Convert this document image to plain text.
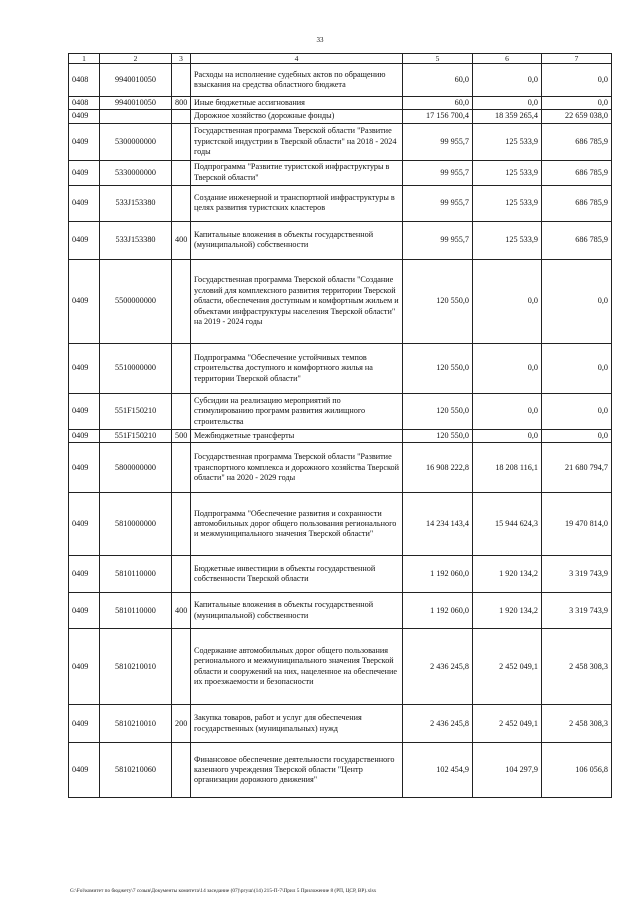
33
1	2	3	4	5	6	7
0408	9940010050		Расходы на исполнение судебных актов по обращению взыскания на средства областного бюджета	60,0	0,0	0,0
0408	9940010050	800	Иные бюджетные ассигнования	60,0	0,0	0,0
0409			Дорожное хозяйство (дорожные фонды)	17 156 700,4	18 359 265,4	22 659 038,0
0409	5300000000		Государственная программа Тверской области "Развитие туристской индустрии в Тверской области" на 2018 - 2024 годы	99 955,7	125 533,9	686 785,9
0409	5330000000		Подпрограмма "Развитие туристской инфраструктуры в Тверской области"	99 955,7	125 533,9	686 785,9
0409	533J153380		Создание инженерной и транспортной инфраструктуры в целях развития туристских кластеров	99 955,7	125 533,9	686 785,9
0409	533J153380	400	Капитальные вложения в объекты государственной (муниципальной) собственности	99 955,7	125 533,9	686 785,9
0409	5500000000		Государственная программа Тверской области "Создание условий для комплексного развития территории Тверской области, обеспечения доступным и комфортным жильем и объектами инфраструктуры населения Тверской области" на 2019 - 2024 годы	120 550,0	0,0	0,0
0409	5510000000		Подпрограмма "Обеспечение устойчивых темпов строительства доступного и комфортного жилья на территории Тверской области"	120 550,0	0,0	0,0
0409	551F150210		Субсидии на реализацию мероприятий по стимулированию программ развития жилищного строительства	120 550,0	0,0	0,0
0409	551F150210	500	Межбюджетные трансферты	120 550,0	0,0	0,0
0409	5800000000		Государственная программа Тверской области "Развитие транспортного комплекса и дорожного хозяйства Тверской области" на 2020 - 2029 годы	16 908 222,8	18 208 116,1	21 680 794,7
0409	5810000000		Подпрограмма "Обеспечение развития и сохранности автомобильных дорог общего пользования регионального и межмуниципального значения Тверской области"	14 234 143,4	15 944 624,3	19 470 814,0
0409	5810110000		Бюджетные инвестиции в объекты государственной собственности Тверской области	1 192 060,0	1 920 134,2	3 319 743,9
0409	5810110000	400	Капитальные вложения в объекты государственной (муниципальной) собственности	1 192 060,0	1 920 134,2	3 319 743,9
0409	5810210010		Содержание автомобильных дорог общего пользования регионального и межмуниципального значения Тверской области и сооружений на них, нацеленное на обеспечение их проезжаемости и безопасности	2 436 245,8	2 452 049,1	2 458 308,3
0409	5810210010	200	Закупка товаров, работ и услуг для обеспечения государственных (муниципальных) нужд	2 436 245,8	2 452 049,1	2 458 308,3
0409	5810210060		Финансовое обеспечение деятельности государственного казенного учреждения Тверской области "Центр организации дорожного движения"	102 454,9	104 297,9	106 056,8
G:\Fol\комитет по бюджету\7 созыв\Документы комитета\14 заседание (07)\ргуш\(14) 215-П-7\Прил 5 Приложение 8 (РП, ЦСР, ВР).xlsx
